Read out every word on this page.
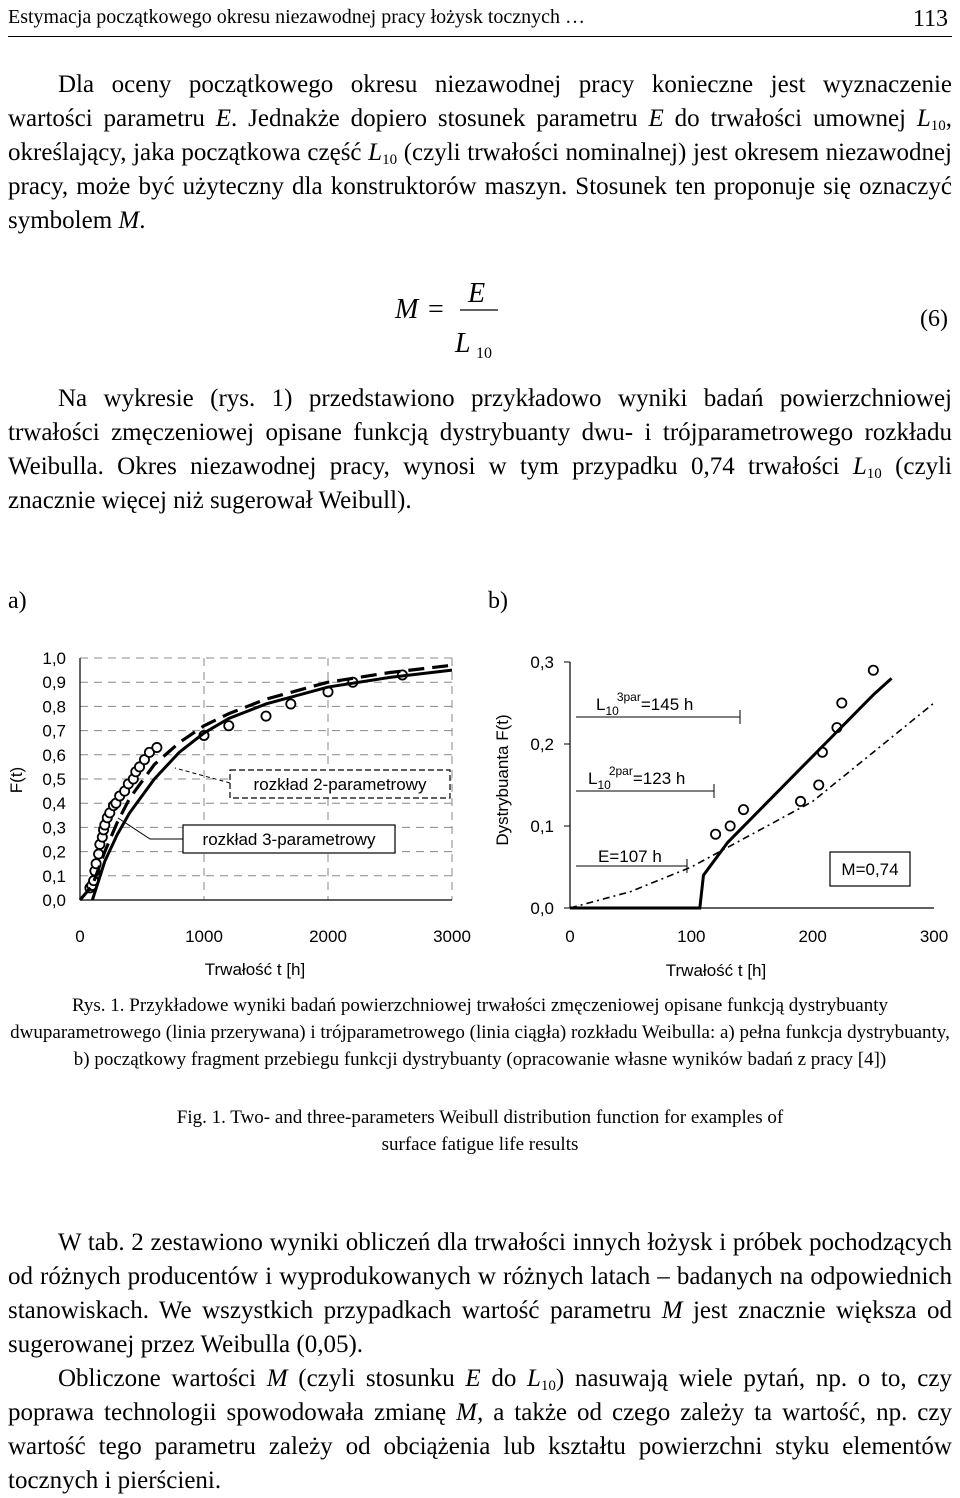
Estymacja początkowego okresu niezawodnej pracy łożysk tocznych …	113

Dla oceny początkowego okresu niezawodnej pracy konieczne jest wyznaczenie wartości parametru E. Jednakże dopiero stosunek parametru E do trwałości umownej $L_{10}$, określający, jaka początkowa część $L_{10}$ (czyli trwałości nominalnej) jest okresem niezawodnej pracy, może być użyteczny dla konstruktorów maszyn. Stosunek ten proponuje się oznaczyć symbolem M.

M =
E
L 10
(6)

Na wykresie (rys. 1) przedstawiono przykładowo wyniki badań powierzchniowej trwałości zmęczeniowej opisane funkcją dystrybuanty dwu- i trójparametrowego rozkładu Weibulla. Okres niezawodnej pracy, wynosi w tym przypadku 0,74 trwałości $L_{10}$ (czyli znacznie więcej niż sugerował Weibull).

a)	b)
0,0
0,1
0,2
0,3
0,4
0,5
0,6
0,7
0,8
0,9
1,0
0	1000	2000	3000
Trwałość t [h]
F(t)	rozkład 2-parametrowy
rozkład 3-parametrowy
0,0
0,1
0,2
0,3
0	100	200	300
Trwałość t [h]
Dystrybuanta F(t)
$L_{10}3par=145$ h
$L_{10}2par=123$ h
E=107 h
M=0,74
Rys. 1. Przykładowe wyniki badań powierzchniowej trwałości zmęczeniowej opisane funkcją dystrybuanty dwuparametrowego (linia przerywana) i trójparametrowego (linia ciągła) rozkładu Weibulla: a) pełna funkcja dystrybuanty, b) początkowy fragment przebiegu funkcji dystrybuanty (opracowanie własne wyników badań z pracy [4])
Fig. 1. Two- and three-parameters Weibull distribution function for examples of surface fatigue life results

W tab. 2 zestawiono wyniki obliczeń dla trwałości innych łożysk i próbek pochodzących od różnych producentów i wyprodukowanych w różnych latach – badanych na odpowiednich stanowiskach. We wszystkich przypadkach wartość parametru M jest znacznie większa od sugerowanej przez Weibulla (0,05).

Obliczone wartości M (czyli stosunku E do $L_{10}$) nasuwają wiele pytań, np. o to, czy poprawa technologii spowodowała zmianę M, a także od czego zależy ta wartość, np. czy wartość tego parametru zależy od obciążenia lub kształtu powierzchni styku elementów tocznych i pierścieni.
